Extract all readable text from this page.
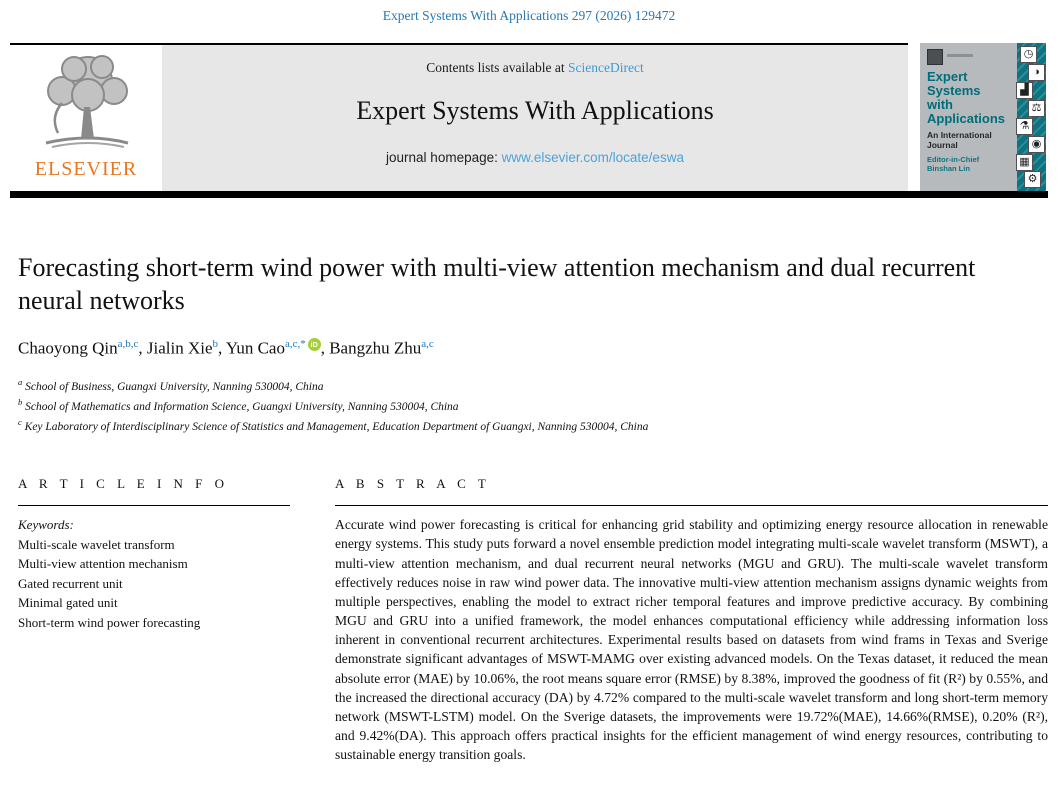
Expert Systems With Applications 297 (2026) 129472
ELSEVIER
Contents lists available at ScienceDirect
Expert Systems With Applications
journal homepage: www.elsevier.com/locate/eswa
Expert Systems with Applications
An International Journal
Editor-in-Chief
Binshan Lin
◷
◑
▟
⚖
⚗
◉
▦
⚙
Forecasting short-term wind power with multi-view attention mechanism and dual recurrent neural networks
Chaoyong Qin$^{a,b,c}$, Jialin Xie$^b$, Yun Cao$^{a,c,*}$ iD , Bangzhu Zhu$^{a,c}$
$^a$ School of Business, Guangxi University, Nanning 530004, China
$^b$ School of Mathematics and Information Science, Guangxi University, Nanning 530004, China
$^c$ Key Laboratory of Interdisciplinary Science of Statistics and Management, Education Department of Guangxi, Nanning 530004, China
A R T I C L E I N F O
Keywords:
Multi-scale wavelet transform
Multi-view attention mechanism
Gated recurrent unit
Minimal gated unit
Short-term wind power forecasting
A B S T R A C T
Accurate wind power forecasting is critical for enhancing grid stability and optimizing energy resource allocation in renewable energy systems. This study puts forward a novel ensemble prediction model integrating multi-scale wavelet transform (MSWT), a multi-view attention mechanism, and dual recurrent neural networks (MGU and GRU). The multi-scale wavelet transform effectively reduces noise in raw wind power data. The innovative multi-view attention mechanism assigns dynamic weights from multiple perspectives, enabling the model to extract richer temporal features and improve predictive accuracy. By combining MGU and GRU into a unified framework, the model enhances computational efficiency while addressing information loss inherent in conventional recurrent architectures. Experimental results based on datasets from wind frams in Texas and Sverige demonstrate significant advantages of MSWT-MAMG over existing advanced models. On the Texas dataset, it reduced the mean absolute error (MAE) by 10.06%, the root means square error (RMSE) by 8.38%, improved the goodness of fit (R²) by 0.55%, and the increased the directional accuracy (DA) by 4.72% compared to the multi-scale wavelet transform and long short-term memory network (MSWT-LSTM) model. On the Sverige datasets, the improvements were 19.72%(MAE), 14.66%(RMSE), 0.20% (R²), and 9.42%(DA). This approach offers practical insights for the efficient management of wind energy resources, contributing to sustainable energy transition goals.
